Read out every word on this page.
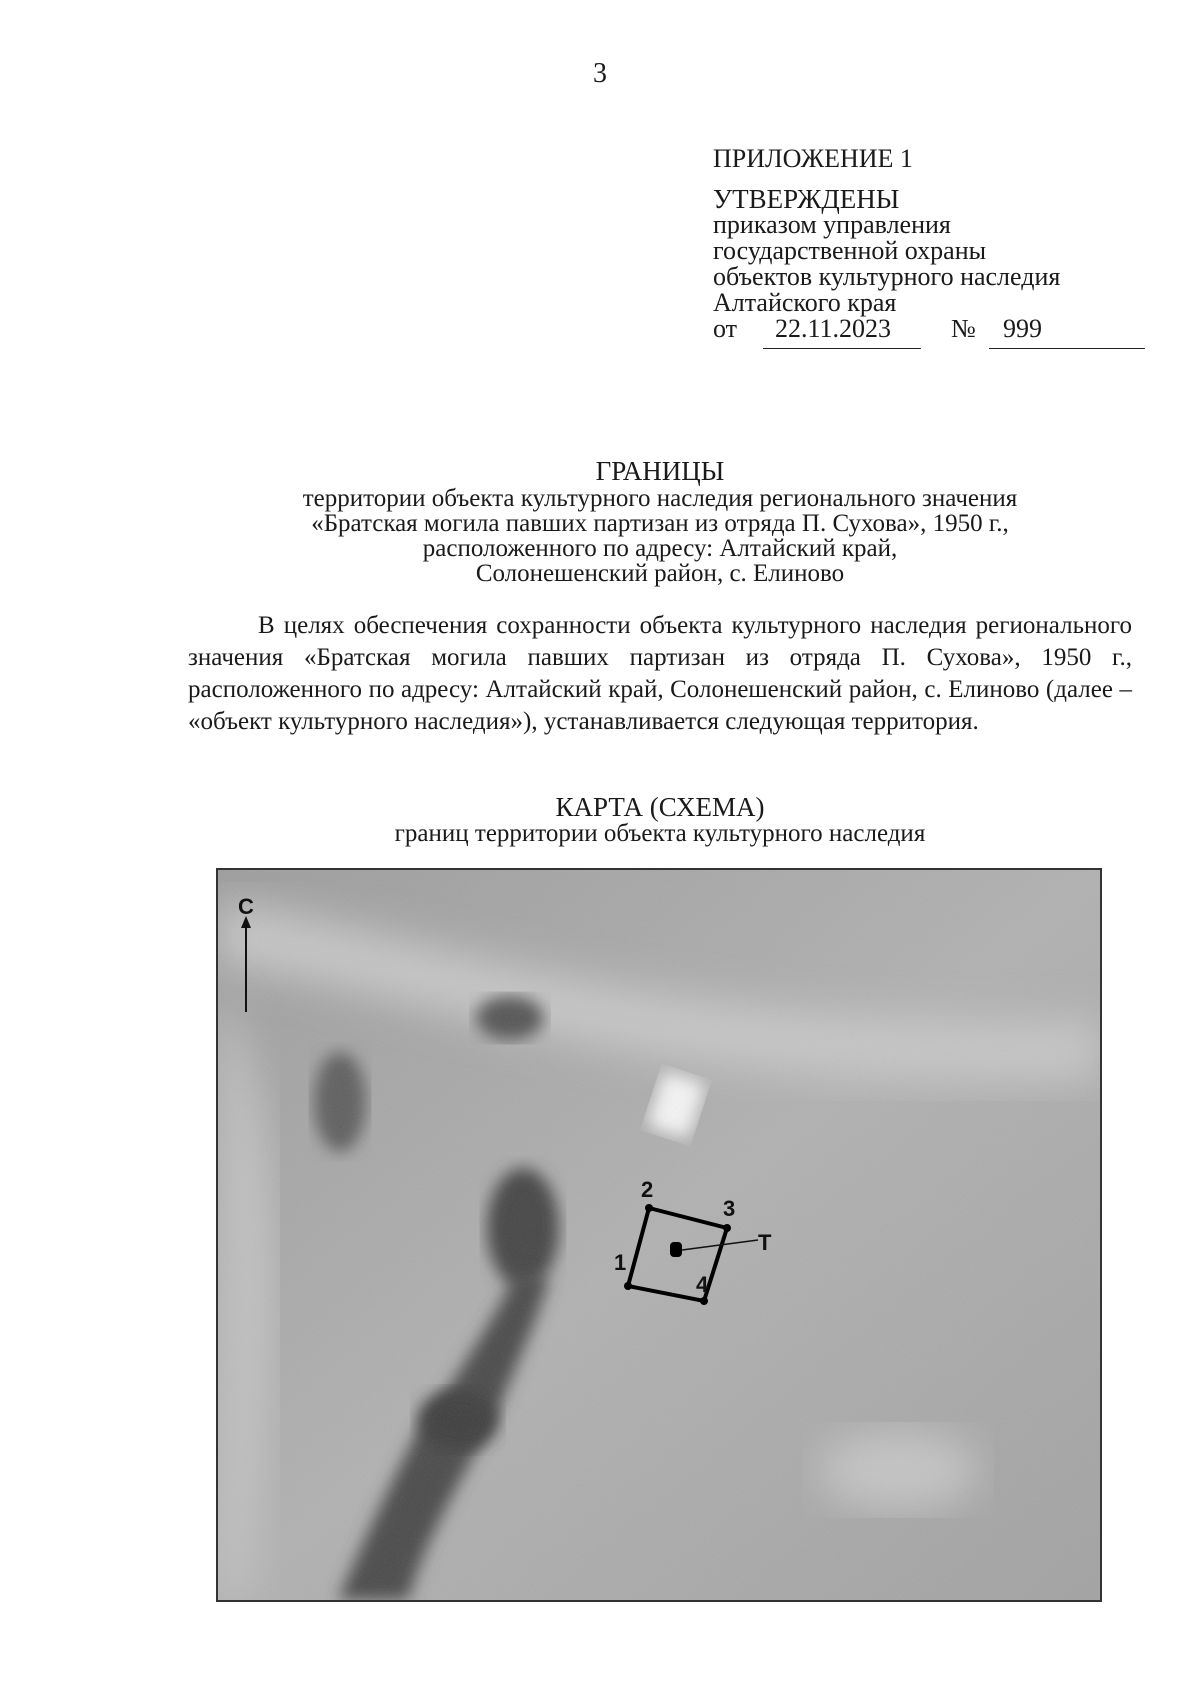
3
ПРИЛОЖЕНИЕ 1
УТВЕРЖДЕНЫ
приказом управления
государственной охраны
объектов культурного наследия
Алтайского края
от 22.11.2023 № 999
ГРАНИЦЫ
территории объекта культурного наследия регионального значения
«Братская могила павших партизан из отряда П. Сухова», 1950 г.,
расположенного по адресу: Алтайский край,
Солонешенский район, с. Елиново
В целях обеспечения сохранности объекта культурного наследия регионального значения «Братская могила павших партизан из отряда П. Сухова», 1950 г., расположенного по адресу: Алтайский край, Солонешенский район, с. Елиново (далее – «объект культурного наследия»), устанавливается следующая территория.
КАРТА (СХЕМА)
границ территории объекта культурного наследия
С
1
2
3
4
Т
